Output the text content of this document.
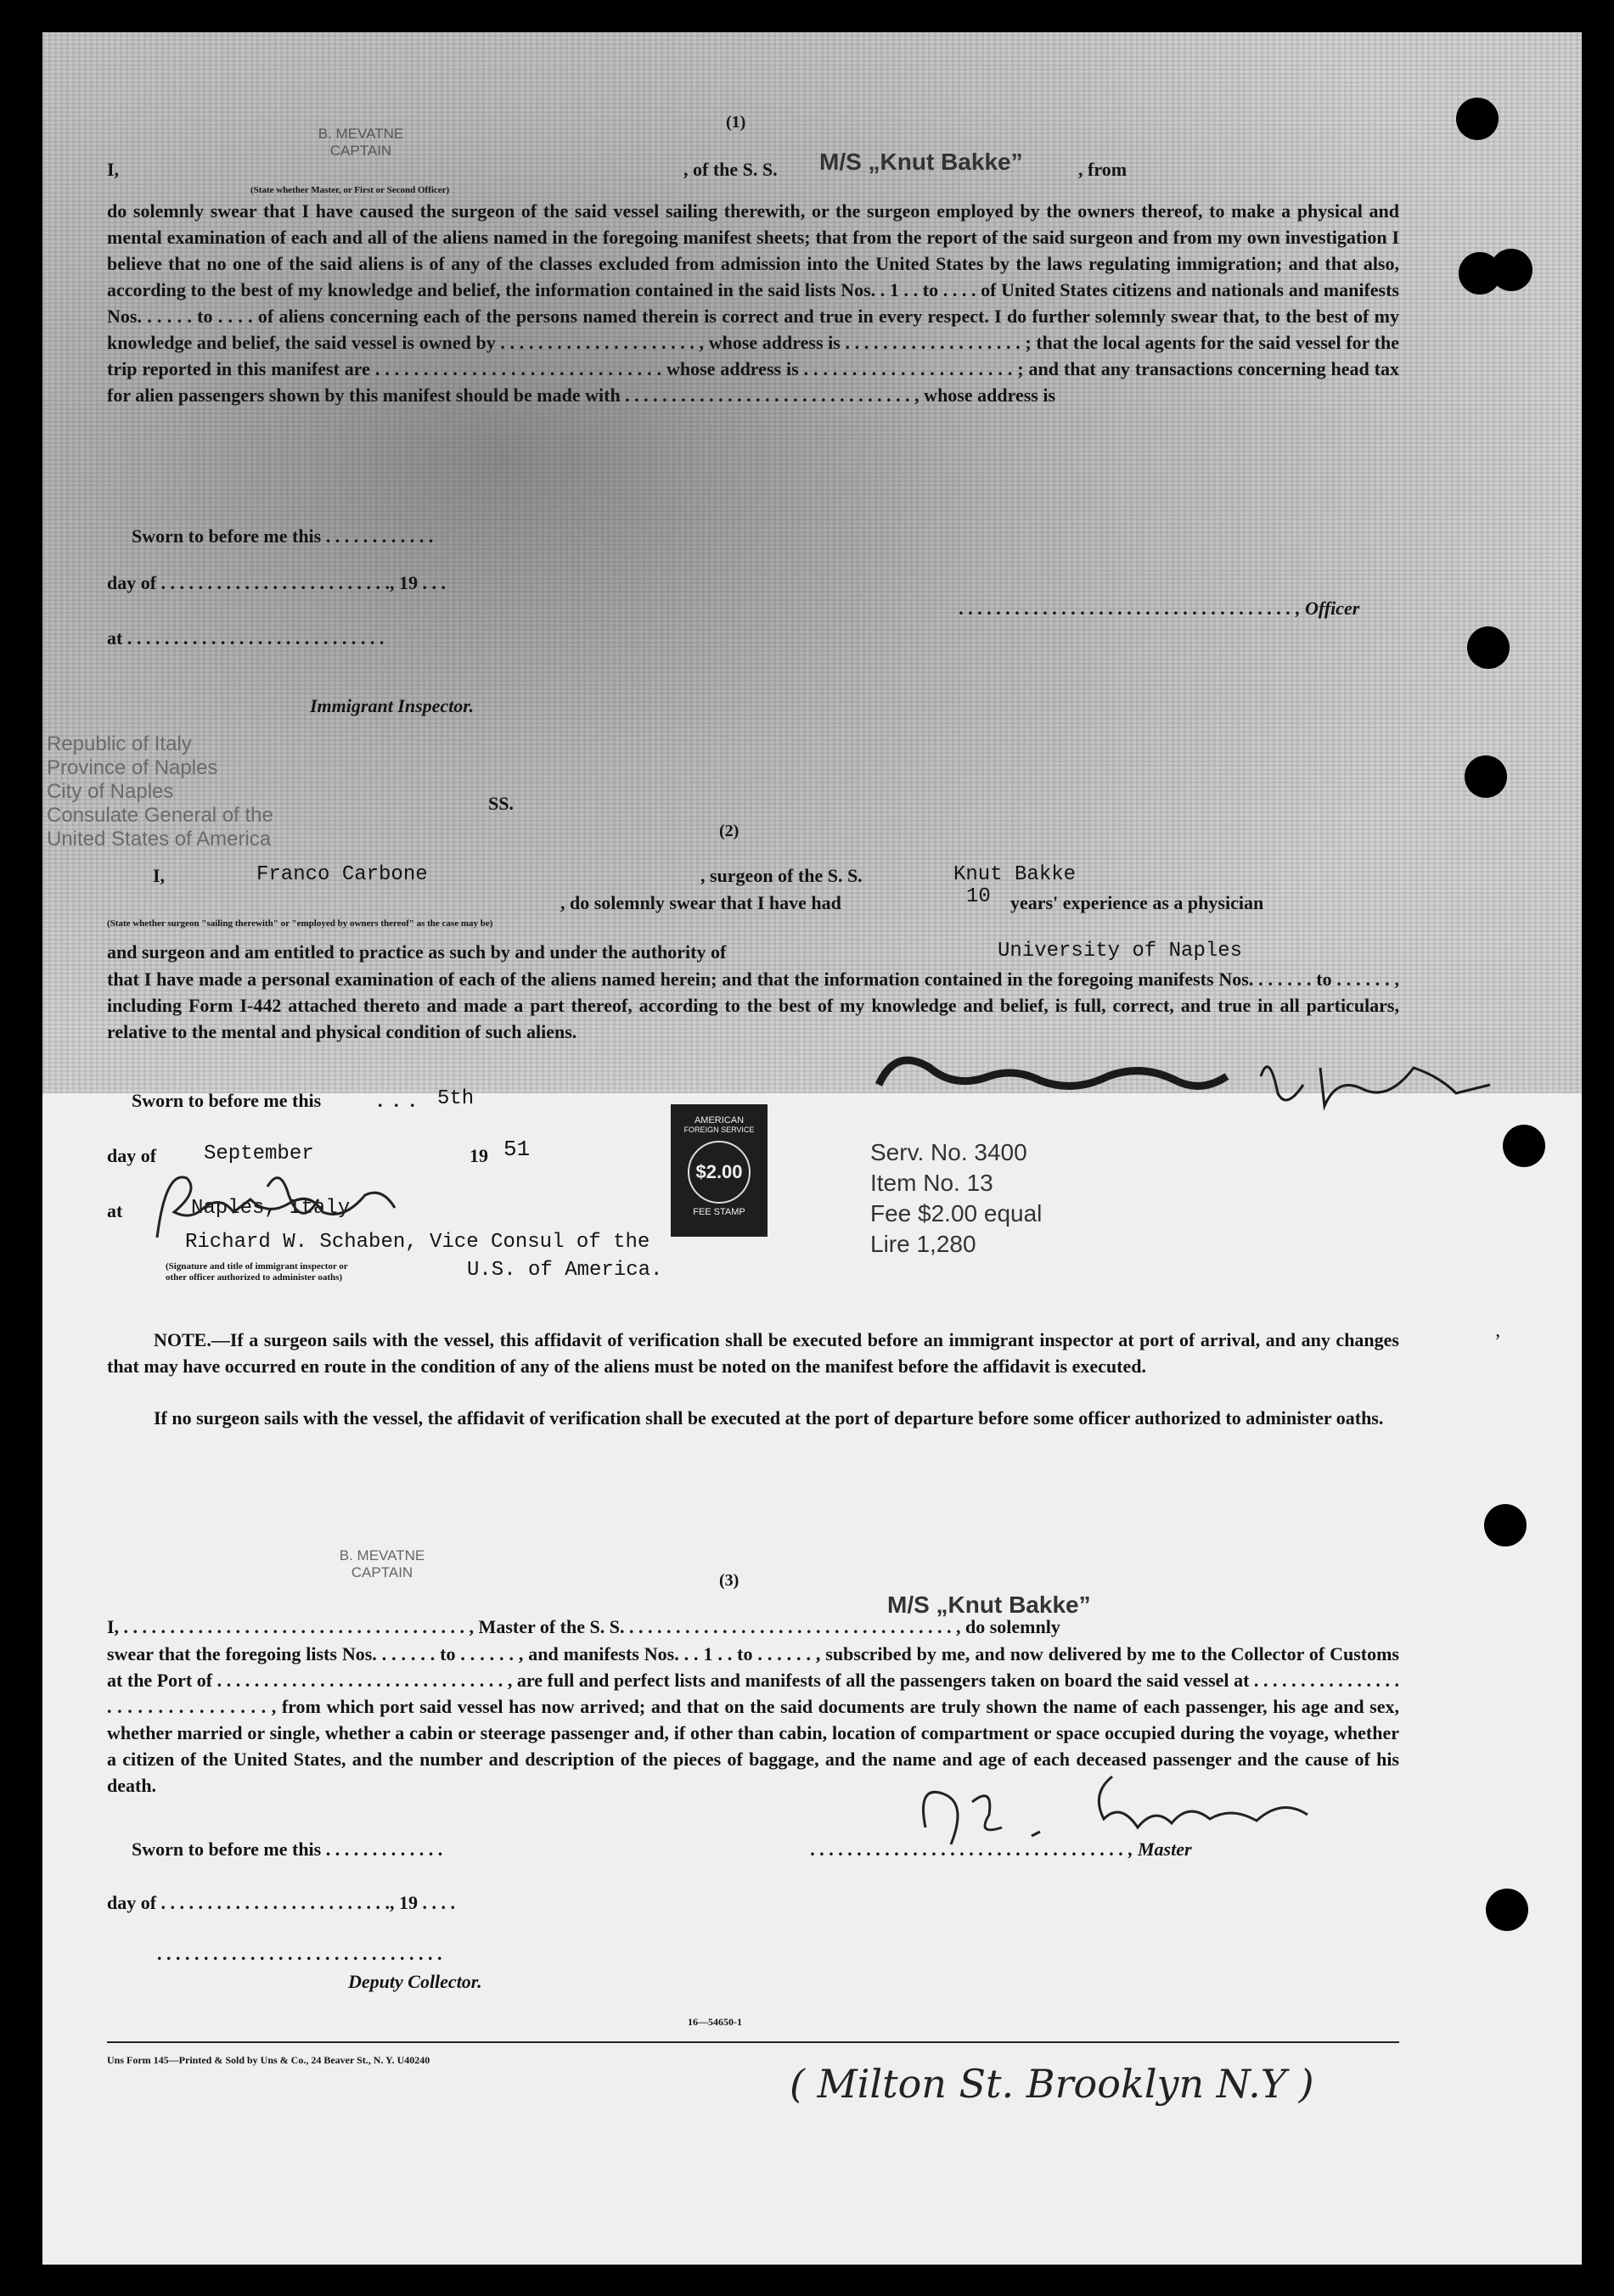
(1)
B. MEVATNE
CAPTAIN
I,	, of the S. S. M/S „Knut Bakke”	, from
(State whether Master, or First or Second Officer)
do solemnly swear that I have caused the surgeon of the said vessel sailing therewith, or the surgeon employed by the owners thereof, to make a physical and mental examination of each and all of the aliens named in the foregoing manifest sheets; that from the report of the said surgeon and from my own investigation I believe that no one of the said aliens is of any of the classes excluded from admission into the United States by the laws regulating immigration; and that also, according to the best of my knowledge and belief, the information contained in the said lists Nos. . 1 . . to . . . . of United States citizens and nationals and manifests Nos. . . . . . to . . . . of aliens concerning each of the persons named therein is correct and true in every respect. I do further solemnly swear that, to the best of my knowledge and belief, the said vessel is owned by . . . . . . . . . . . . . . . . . . . . . , whose address is . . . . . . . . . . . . . . . . . . . ; that the local agents for the said vessel for the trip reported in this manifest are . . . . . . . . . . . . . . . . . . . . . . . . . . . . . . whose address is . . . . . . . . . . . . . . . . . . . . . . ; and that any transactions concerning head tax for alien passengers shown by this manifest should be made with . . . . . . . . . . . . . . . . . . . . . . . . . . . . . . . , whose address is
Sworn to before me this . . . . . . . . . . . .
day of . . . . . . . . . . . . . . . . . . . . . . . . ., 19 . . .
. . . . . . . . . . . . . . . . . . . . . . . . . . . . . . . . . . . . , Officer
at . . . . . . . . . . . . . . . . . . . . . . . . . . . .
Immigrant Inspector.
SS.
Republic of Italy
Province of Naples
City of Naples
Consulate General of the
United States of America	(2)
I,	Franco Carbone	, surgeon of the S. S.	Knut Bakke
, do solemnly swear that I have had	10 years' experience as a physician
(State whether surgeon "sailing therewith" or "employed by owners thereof" as the case may be)
and surgeon and am entitled to practice as such by and under the authority of	University of Naples
that I have made a personal examination of each of the aliens named herein; and that the information contained in the foregoing manifests Nos. . . . . . . to . . . . . . , including Form I-442 attached thereto and made a part thereof, according to the best of my knowledge and belief, is full, correct, and true in all particulars, relative to the mental and physical condition of such aliens.
Sworn to before me this	. . . 5th
day of September	19 51
at	Naples, Italy
Richard W. Schaben, Vice Consul of the
(Signature and title of immigrant inspector or other officer authorized to administer oaths)	U.S. of America.
AMERICAN
FOREIGN SERVICE
$2.00
FEE STAMP
Serv. No. 3400
Item No. 13
Fee $2.00 equal
Lire 1,280
NOTE.—If a surgeon sails with the vessel, this affidavit of verification shall be executed before an immigrant inspector at port of arrival, and any changes that may have occurred en route in the condition of any of the aliens must be noted on the manifest before the affidavit is executed.
If no surgeon sails with the vessel, the affidavit of verification shall be executed at the port of departure before some officer authorized to administer oaths.
B. MEVATNE
CAPTAIN	(3)
M/S „Knut Bakke”
I, . . . . . . . . . . . . . . . . . . . . . . . . . . . . . . . . . . . . . , Master of the S. S. . . . . . . . . . . . . . . . . . . . . . . . . . . . . . . . . . . . , do solemnly
swear that the foregoing lists Nos. . . . . . . to . . . . . . , and manifests Nos. . . 1 . . to . . . . . . , subscribed by me, and now delivered by me to the Collector of Customs at the Port of . . . . . . . . . . . . . . . . . . . . . . . . . . . . . . . , are full and perfect lists and manifests of all the passengers taken on board the said vessel at . . . . . . . . . . . . . . . . . . . . . . . . . . . . . . . . , from which port said vessel has now arrived; and that on the said documents are truly shown the name of each passenger, his age and sex, whether married or single, whether a cabin or steerage passenger and, if other than cabin, location of compartment or space occupied during the voyage, whether a citizen of the United States, and the number and description of the pieces of baggage, and the name and age of each deceased passenger and the cause of his death.
Sworn to before me this . . . . . . . . . . . . .	. . . . . . . . . . . . . . . . . . . . . . . . . . . . . . . . . . , Master
day of . . . . . . . . . . . . . . . . . . . . . . . . ., 19 . . . .
. . . . . . . . . . . . . . . . . . . . . . . . . . . . . . .
Deputy Collector.
16—54650-1
Uns Form 145—Printed & Sold by Uns & Co., 24 Beaver St., N. Y. U40240
( Milton St. Brooklyn N.Y )
’
